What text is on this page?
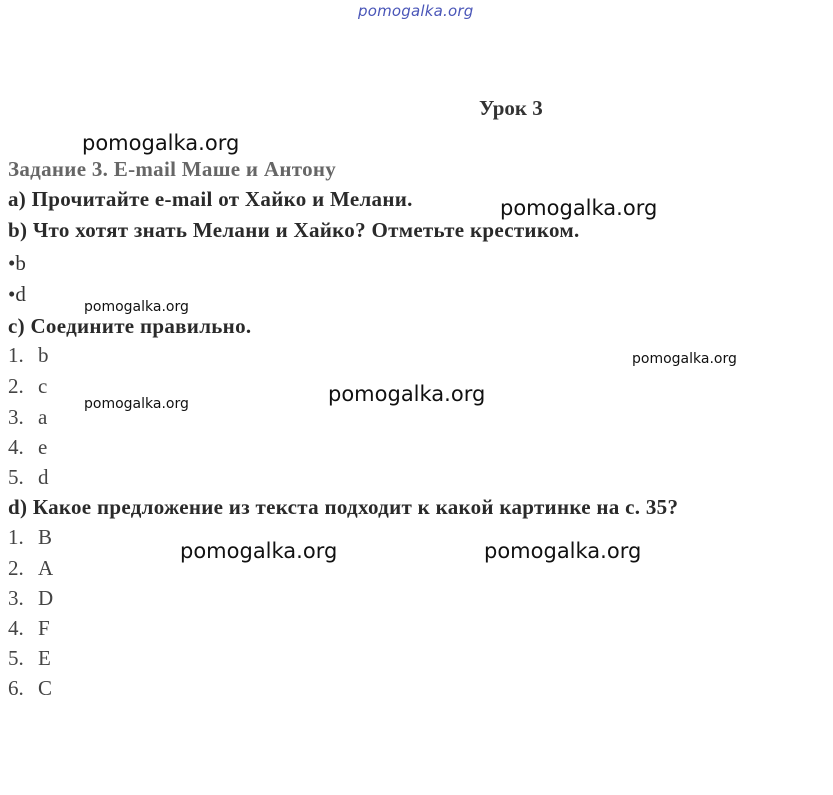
pomogalka.org
pomogalka.org
pomogalka.org
pomogalka.org
pomogalka.org
pomogalka.org	pomogalka.org
pomogalka.org	pomogalka.org
Урок 3
Задание 3. E-mail Маше и Антону
a) Прочитайте e-mail от Хайко и Мелани.
b) Что хотят знать Мелани и Хайко? Отметьте крестиком.
•b
•d
c) Соедините правильно.
1. b
2. c
3. a
4. e
5. d
d) Какое предложение из текста подходит к какой картинке на с. 35?
1. B
2. A
3. D
4. F
5. E
6. C
